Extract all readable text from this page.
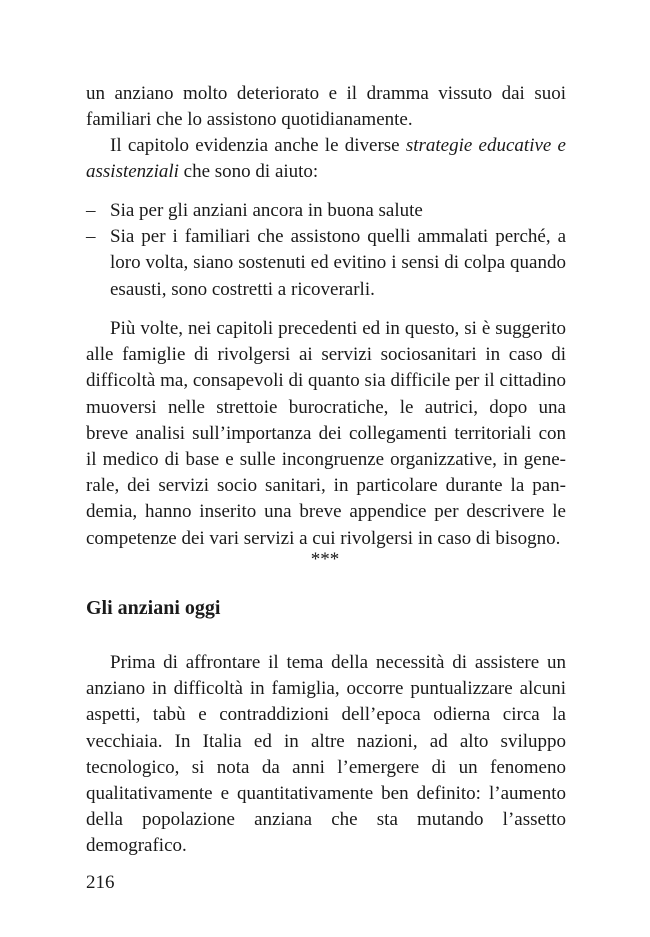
un anziano molto deteriorato e il dramma vissuto dai suoi familiari che lo assistono quotidianamente.

Il capitolo evidenzia anche le diverse strategie educative e assistenziali che sono di aiuto:

– Sia per gli anziani ancora in buona salute
– Sia per i familiari che assistono quelli ammalati perché, a loro volta, siano sostenuti ed evitino i sensi di colpa quando esausti, sono costretti a ricoverarli.

Più volte, nei capitoli precedenti ed in questo, si è suggerito alle famiglie di rivolgersi ai servizi sociosanitari in caso di difficoltà ma, consapevoli di quanto sia difficile per il cittadino muoversi nelle strettoie burocratiche, le autrici, dopo una breve analisi sull’importanza dei collegamenti territoriali con il medico di base e sulle incongruenze organizzative, in generale, dei servizi socio sanitari, in particolare durante la pandemia, hanno inserito una breve appendice per descrivere le competenze dei vari servizi a cui rivolgersi in caso di bisogno.

***

Gli anziani oggi

Prima di affrontare il tema della necessità di assistere un anziano in difficoltà in famiglia, occorre puntualizzare alcuni aspetti, tabù e contraddizioni dell’epoca odierna circa la vecchiaia. In Italia ed in altre nazioni, ad alto sviluppo tecnologico, si nota da anni l’emergere di un fenomeno qualitativamente e quantitativamente ben definito: l’aumento della popolazione anziana che sta mutando l’assetto demografico.

216
